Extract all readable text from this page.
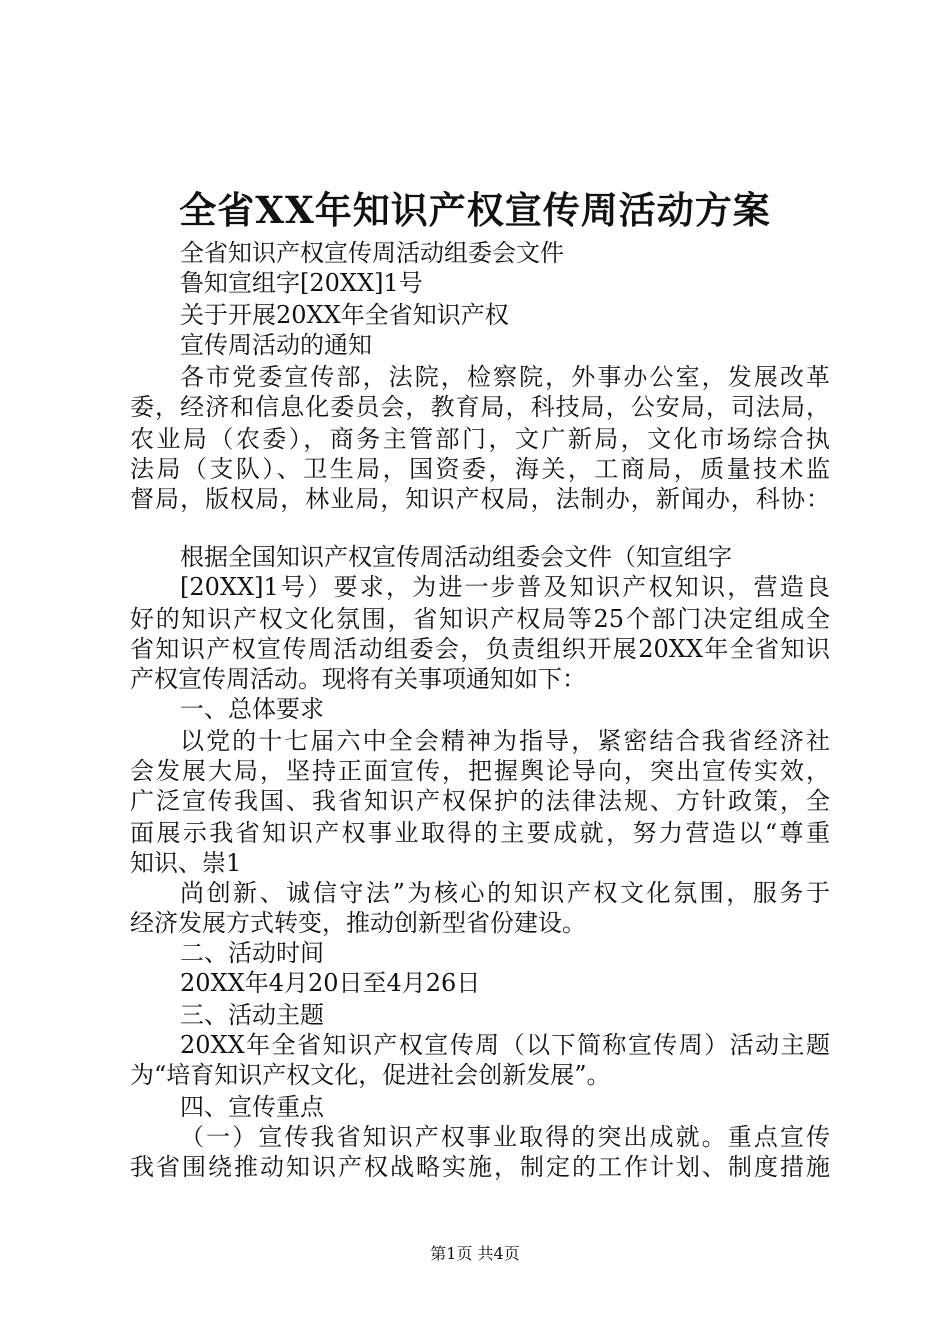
全省XX年知识产权宣传周活动方案
全省知识产权宣传周活动组委会文件
鲁知宣组字[20XX]1号
关于开展20XX年全省知识产权
宣传周活动的通知
各市党委宣传部，法院，检察院，外事办公室，发展改革
委，经济和信息化委员会，教育局，科技局，公安局，司法局，
农业局（农委），商务主管部门，文广新局，文化市场综合执
法局（支队）、卫生局，国资委，海关，工商局，质量技术监
督局，版权局，林业局，知识产权局，法制办，新闻办，科协：
根据全国知识产权宣传周活动组委会文件（知宣组字
[20XX]1号）要求，为进一步普及知识产权知识，营造良
好的知识产权文化氛围，省知识产权局等25个部门决定组成全
省知识产权宣传周活动组委会，负责组织开展20XX年全省知识
产权宣传周活动。现将有关事项通知如下：
一、总体要求
以党的十七届六中全会精神为指导，紧密结合我省经济社
会发展大局，坚持正面宣传，把握舆论导向，突出宣传实效，
广泛宣传我国、我省知识产权保护的法律法规、方针政策，全
面展示我省知识产权事业取得的主要成就，努力营造以“尊重
知识、崇1
尚创新、诚信守法”为核心的知识产权文化氛围，服务于
经济发展方式转变，推动创新型省份建设。
二、活动时间
20XX年4月20日至4月26日
三、活动主题
20XX年全省知识产权宣传周（以下简称宣传周）活动主题
为“培育知识产权文化，促进社会创新发展”。
四、宣传重点
（一）宣传我省知识产权事业取得的突出成就。重点宣传
我省围绕推动知识产权战略实施，制定的工作计划、制度措施
第1页 共4页
